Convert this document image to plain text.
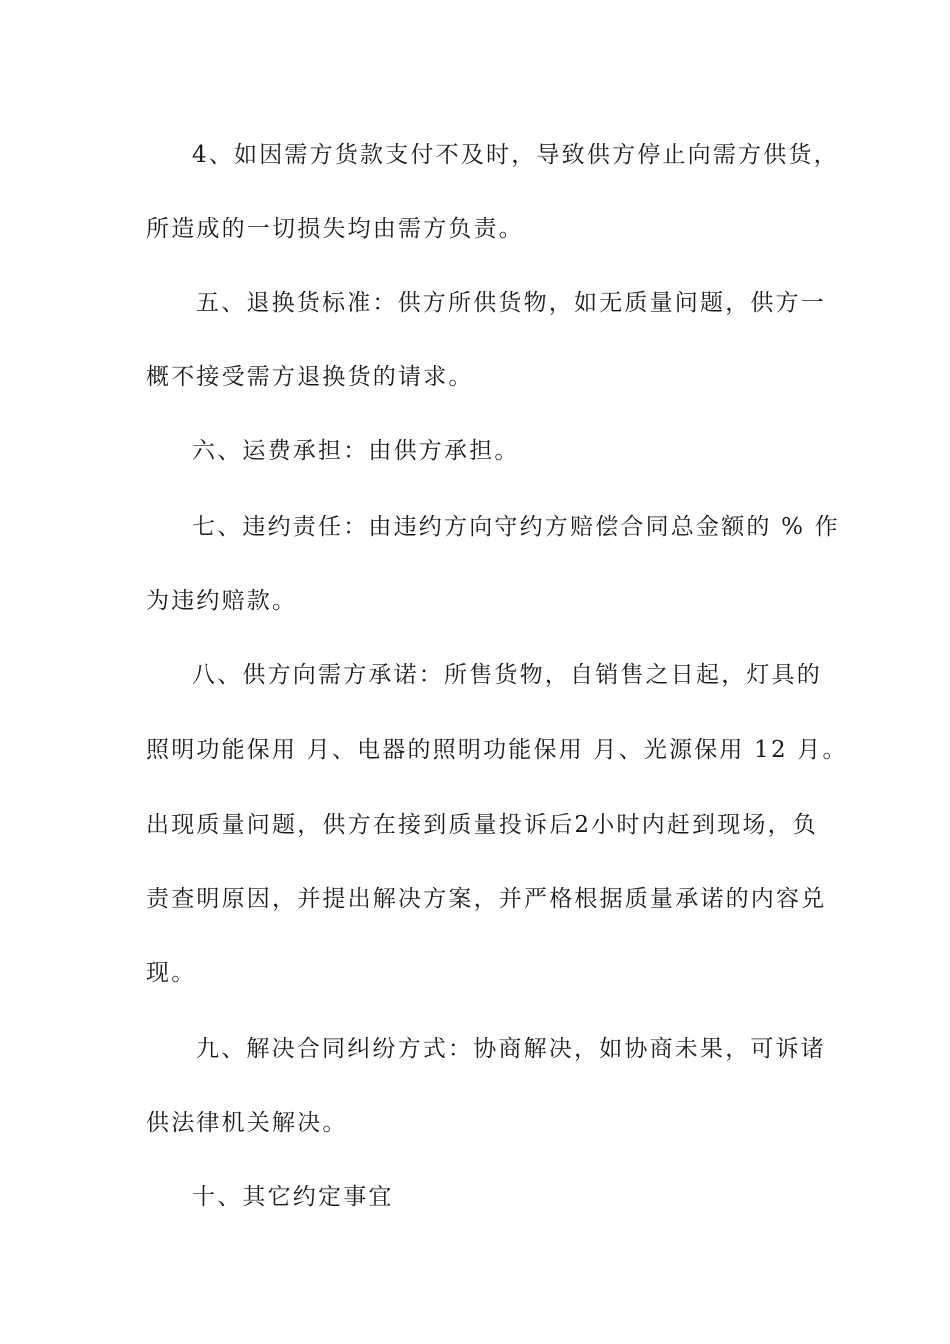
4、如因需方货款支付不及时，导致供方停止向需方供货，
所造成的一切损失均由需方负责。
五、退换货标准：供方所供货物，如无质量问题，供方一
概不接受需方退换货的请求。
六、运费承担：由供方承担。
七、违约责任：由违约方向守约方赔偿合同总金额的 % 作
为违约赔款。
八、供方向需方承诺：所售货物，自销售之日起，灯具的
照明功能保用 月、电器的照明功能保用 月、光源保用 12 月。
出现质量问题，供方在接到质量投诉后2小时内赶到现场，负
责查明原因，并提出解决方案，并严格根据质量承诺的内容兑
现。
九、解决合同纠纷方式：协商解决，如协商未果，可诉诸
供法律机关解决。
十、其它约定事宜
